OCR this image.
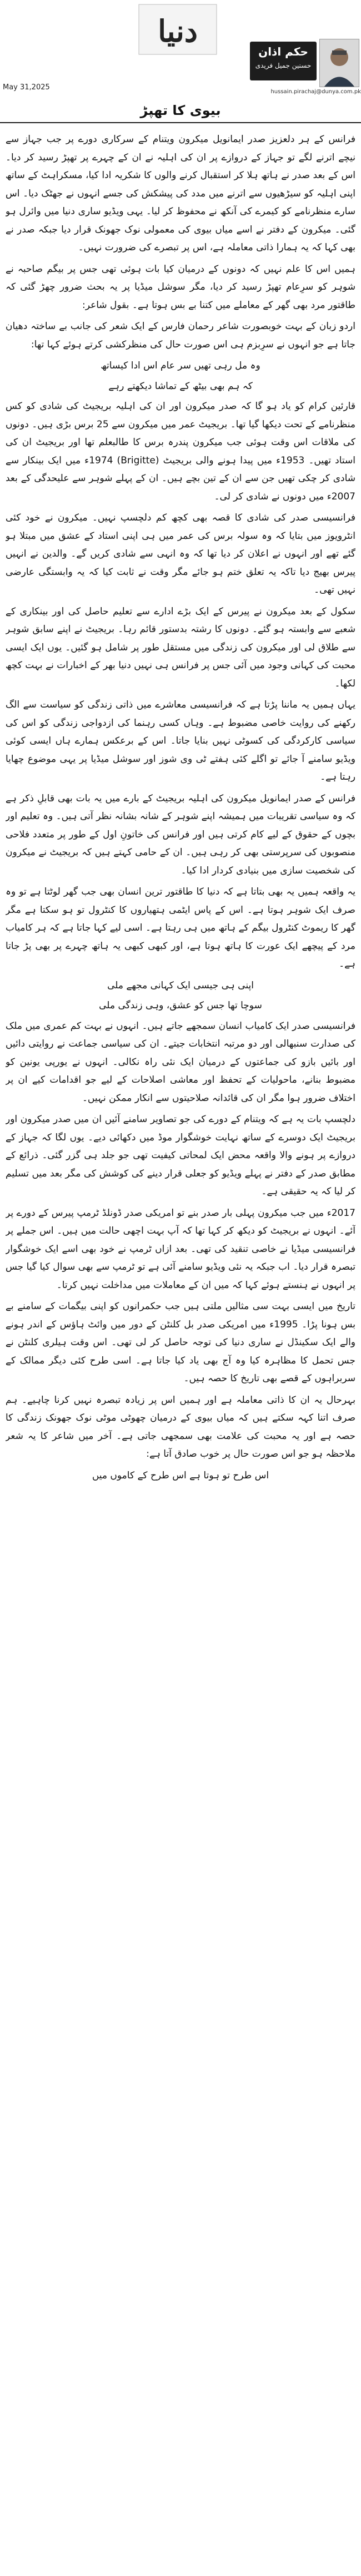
دنیا
حکم اذان
حسنین جمیل فریدی
hussain.pirachaj@dunya.com.pk
May 31,2025
بیوی کا تھپڑ

فرانس کے ہر دلعزیز صدر ایمانویل میکرون ویتنام کے سرکاری دورے پر جب جہاز سے نیچے اترنے لگے تو جہاز کے دروازے پر ان کی اہلیہ نے ان کے چہرے پر تھپڑ رسید کر دیا۔ اس کے بعد صدر نے ہاتھ ہلا کر استقبال کرنے والوں کا شکریہ ادا کیا، مسکراہٹ کے ساتھ اپنی اہلیہ کو سیڑھیوں سے اترنے میں مدد کی پیشکش کی جسے انہوں نے جھٹک دیا۔ اس سارے منظرنامے کو کیمرے کی آنکھ نے محفوظ کر لیا۔ یہی ویڈیو ساری دنیا میں وائرل ہو گئی۔ میکرون کے دفتر نے اسے میاں بیوی کی معمولی نوک جھونک قرار دیا جبکہ صدر نے بھی کہا کہ یہ ہمارا ذاتی معاملہ ہے، اس پر تبصرے کی ضرورت نہیں۔

ہمیں اس کا علم نہیں کہ دونوں کے درمیان کیا بات ہوئی تھی جس پر بیگم صاحبہ نے شوہر کو سرِعام تھپڑ رسید کر دیا، مگر سوشل میڈیا پر یہ بحث ضرور چھڑ گئی کہ طاقتور مرد بھی گھر کے معاملے میں کتنا بے بس ہوتا ہے۔ بقول شاعر:

اردو زبان کے بہت خوبصورت شاعر رحمان فارس کے ایک شعر کی جانب بے ساختہ دھیان جاتا ہے جو انہوں نے سرِبزم ہی اس صورت حال کی منظرکشی کرتے ہوئے کہا تھا:

وہ مل رہی تھیں سر عام اس ادا کیساتھ

کہ ہم بھی بیٹھ کے تماشا دیکھتے رہے

قارئین کرام کو یاد ہو گا کہ صدر میکرون اور ان کی اہلیہ بریجیٹ کی شادی کو کس منظرنامے کے تحت دیکھا گیا تھا۔ بریجیٹ عمر میں میکرون سے 25 برس بڑی ہیں۔ دونوں کی ملاقات اس وقت ہوئی جب میکرون پندرہ برس کا طالبعلم تھا اور بریجیٹ ان کی استاد تھیں۔ 1953ء میں پیدا ہونے والی بریجیٹ (Brigitte) 1974ء میں ایک بینکار سے شادی کر چکی تھیں جن سے ان کے تین بچے ہیں۔ ان کے پہلے شوہر سے علیحدگی کے بعد 2007ء میں دونوں نے شادی کر لی۔

فرانسیسی صدر کی شادی کا قصہ بھی کچھ کم دلچسپ نہیں۔ میکرون نے خود کئی انٹرویوز میں بتایا کہ وہ سولہ برس کی عمر میں ہی اپنی استاد کے عشق میں مبتلا ہو گئے تھے اور انہوں نے اعلان کر دیا تھا کہ وہ انہی سے شادی کریں گے۔ والدین نے انہیں پیرس بھیج دیا تاکہ یہ تعلق ختم ہو جائے مگر وقت نے ثابت کیا کہ یہ وابستگی عارضی نہیں تھی۔

سکول کے بعد میکرون نے پیرس کے ایک بڑے ادارے سے تعلیم حاصل کی اور بینکاری کے شعبے سے وابستہ ہو گئے۔ دونوں کا رشتہ بدستور قائم رہا۔ بریجیٹ نے اپنے سابق شوہر سے طلاق لی اور میکرون کی زندگی میں مستقل طور پر شامل ہو گئیں۔ یوں ایک ایسی محبت کی کہانی وجود میں آئی جس پر فرانس ہی نہیں دنیا بھر کے اخبارات نے بہت کچھ لکھا۔

یہاں ہمیں یہ ماننا پڑتا ہے کہ فرانسیسی معاشرے میں ذاتی زندگی کو سیاست سے الگ رکھنے کی روایت خاصی مضبوط ہے۔ وہاں کسی رہنما کی ازدواجی زندگی کو اس کی سیاسی کارکردگی کی کسوٹی نہیں بنایا جاتا۔ اس کے برعکس ہمارے ہاں ایسی کوئی ویڈیو سامنے آ جائے تو اگلے کئی ہفتے ٹی وی شوز اور سوشل میڈیا پر یہی موضوع چھایا رہتا ہے۔

فرانس کے صدر ایمانویل میکرون کی اہلیہ بریجیٹ کے بارے میں یہ بات بھی قابلِ ذکر ہے کہ وہ سیاسی تقریبات میں ہمیشہ اپنے شوہر کے شانہ بشانہ نظر آتی ہیں۔ وہ تعلیم اور بچوں کے حقوق کے لیے کام کرتی ہیں اور فرانس کی خاتونِ اول کے طور پر متعدد فلاحی منصوبوں کی سرپرستی بھی کر رہی ہیں۔ ان کے حامی کہتے ہیں کہ بریجیٹ نے میکرون کی شخصیت سازی میں بنیادی کردار ادا کیا۔

یہ واقعہ ہمیں یہ بھی بتاتا ہے کہ دنیا کا طاقتور ترین انسان بھی جب گھر لوٹتا ہے تو وہ صرف ایک شوہر ہوتا ہے۔ اس کے پاس ایٹمی ہتھیاروں کا کنٹرول تو ہو سکتا ہے مگر گھر کا ریموٹ کنٹرول بیگم کے ہاتھ میں ہی رہتا ہے۔ اسی لیے کہا جاتا ہے کہ ہر کامیاب مرد کے پیچھے ایک عورت کا ہاتھ ہوتا ہے، اور کبھی کبھی یہ ہاتھ چہرے پر بھی پڑ جاتا ہے۔

اپنی ہی جیسی ایک کہانی مجھے ملی

سوچا تھا جس کو عشق، وہی زندگی ملی

فرانسیسی صدر ایک کامیاب انسان سمجھے جاتے ہیں۔ انہوں نے بہت کم عمری میں ملک کی صدارت سنبھالی اور دو مرتبہ انتخابات جیتے۔ ان کی سیاسی جماعت نے روایتی دائیں اور بائیں بازو کی جماعتوں کے درمیان ایک نئی راہ نکالی۔ انہوں نے یورپی یونین کو مضبوط بنانے، ماحولیات کے تحفظ اور معاشی اصلاحات کے لیے جو اقدامات کیے ان پر اختلاف ضرور ہوا مگر ان کی قائدانہ صلاحیتوں سے انکار ممکن نہیں۔

دلچسپ بات یہ ہے کہ ویتنام کے دورے کی جو تصاویر سامنے آئیں ان میں صدر میکرون اور بریجیٹ ایک دوسرے کے ساتھ نہایت خوشگوار موڈ میں دکھائی دیے۔ یوں لگا کہ جہاز کے دروازے پر ہونے والا واقعہ محض ایک لمحاتی کیفیت تھی جو جلد ہی گزر گئی۔ ذرائع کے مطابق صدر کے دفتر نے پہلے ویڈیو کو جعلی قرار دینے کی کوشش کی مگر بعد میں تسلیم کر لیا کہ یہ حقیقی ہے۔

2017ء میں جب میکرون پہلی بار صدر بنے تو امریکی صدر ڈونلڈ ٹرمپ پیرس کے دورے پر آئے۔ انہوں نے بریجیٹ کو دیکھ کر کہا تھا کہ آپ بہت اچھی حالت میں ہیں۔ اس جملے پر فرانسیسی میڈیا نے خاصی تنقید کی تھی۔ بعد ازاں ٹرمپ نے خود بھی اسے ایک خوشگوار تبصرہ قرار دیا۔ اب جبکہ یہ نئی ویڈیو سامنے آئی ہے تو ٹرمپ سے بھی سوال کیا گیا جس پر انہوں نے ہنستے ہوئے کہا کہ میں ان کے معاملات میں مداخلت نہیں کرتا۔

تاریخ میں ایسی بہت سی مثالیں ملتی ہیں جب حکمرانوں کو اپنی بیگمات کے سامنے بے بس ہونا پڑا۔ 1995ء میں امریکی صدر بل کلنٹن کے دور میں وائٹ ہاؤس کے اندر ہونے والے ایک سکینڈل نے ساری دنیا کی توجہ حاصل کر لی تھی۔ اس وقت ہیلری کلنٹن نے جس تحمل کا مظاہرہ کیا وہ آج بھی یاد کیا جاتا ہے۔ اسی طرح کئی دیگر ممالک کے سربراہوں کے قصے بھی تاریخ کا حصہ ہیں۔

بہرحال یہ ان کا ذاتی معاملہ ہے اور ہمیں اس پر زیادہ تبصرہ نہیں کرنا چاہیے۔ ہم صرف اتنا کہہ سکتے ہیں کہ میاں بیوی کے درمیان چھوٹی موٹی نوک جھونک زندگی کا حصہ ہے اور یہ محبت کی علامت بھی سمجھی جاتی ہے۔ آخر میں شاعر کا یہ شعر ملاحظہ ہو جو اس صورت حال پر خوب صادق آتا ہے:

اس طرح تو ہوتا ہے اس طرح کے کاموں میں
